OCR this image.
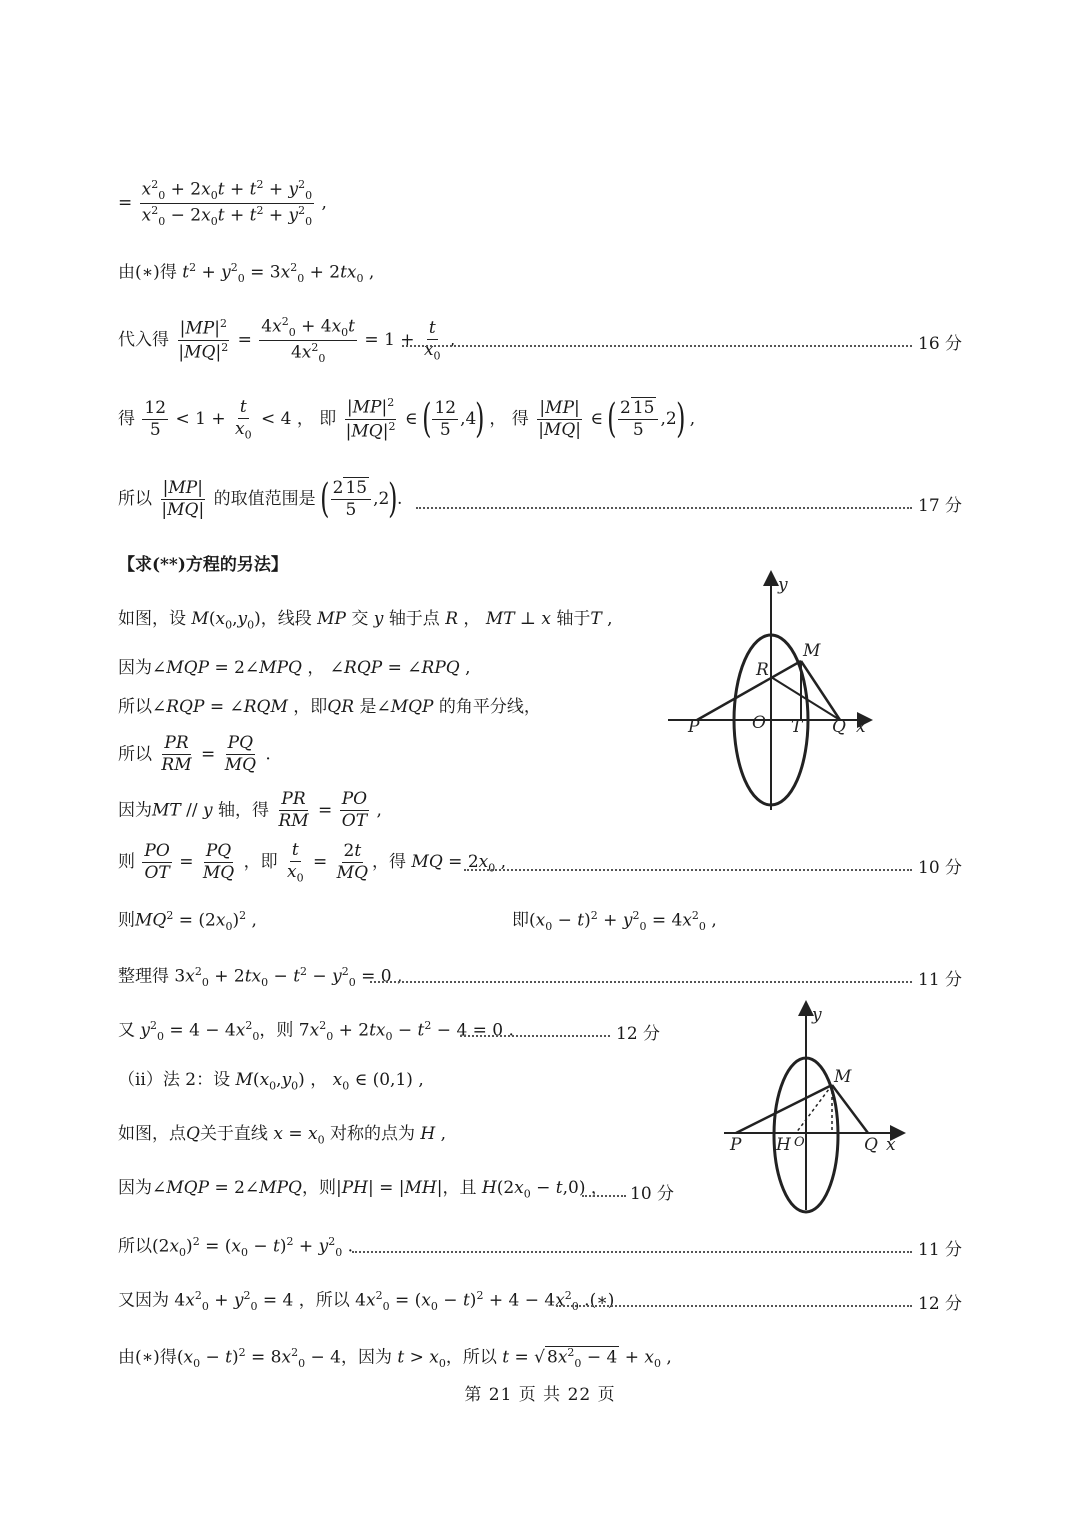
= $\frac{x^2_0 + 2x_0t + t^2 + y^2_0}{x^2_0 - 2x_0t + t^2 + y^2_0}$ ,
由(∗)得 $t^2 + y^2_0 = 3x^2_0 + 2tx_0$ ,
代入得 $\frac{|MP|^2}{|MQ|^2} = \frac{4x^2_0 + 4x_0t}{4x^2_0} = 1 + \frac{t}{x_0}$ ,	16 分
得 $\frac{12}{5} < 1 + \frac{t}{x_0} < 4$ ， 即 $\frac{|MP|^2}{|MQ|^2}$ ∈ ( $\frac{12}{5} ,4$) ， 得 $\frac{|MP|}{|MQ|}$ ∈ ( $\frac{2 15}{5} ,2$) ,
所以 $\frac{|MP|}{|MQ|}$ 的取值范围是 ( $\frac{2 15}{5} ,2$).	17 分
【求(**)方程的另法】
如图，设 $M(x_0,y_0)$，线段 MP 交 y 轴于点 R ， MT ⊥ x 轴于T ,
因为∠MQP = 2∠MPQ ， ∠RQP = ∠RPQ ,
所以∠RQP = ∠RQM ，即QR 是∠MQP 的角平分线，
所以 $\frac{PR}{RM} = \frac{PQ}{MQ}$ .
因为MT // y 轴，得 $\frac{PR}{RM} = \frac{PO}{OT}$ ,
则 $\frac{PO}{OT} = \frac{PQ}{MQ}$ ，即 $\frac{t}{x_0} = \frac{2t}{MQ}$ ，得 MQ = $2x_0$ ,	10 分
则$MQ^2 = (2x_0)^2$ ,	即$(x_0 - t)^2 + y^2_0 = 4x^2_0$ ,
整理得 $3x^2_0 + 2tx_0 - t^2 - y^2_0 = 0$ ,	11 分
又 $y^2_0 = 4 - 4x^2_0$，则 $7x^2_0 + 2tx_0 - t^2 - 4 = 0$ .	12 分
（ii）法 2：设 $M(x_0,y_0)$ ， $x_0$ ∈ (0,1) ,
如图，点Q关于直线 $x = x_0$ 对称的点为 H ,
因为∠MQP = 2∠MPQ，则|PH| = |MH|，且 $H(2x_0 - t,0)$ ， 10 分
所以$(2x_0)^2 = (x_0 - t)^2 + y^2_0$ .	11 分
又因为 $4x^2_0 + y^2_0 = 4$ ，所以 $4x^2_0 = (x_0 - t)^2 + 4 - 4x^2_0$ .(∗)	12 分
由(∗)得$(x_0 - t)^2 = 8x^2_0 - 4$，因为 $t > x_0$，所以 t = √ $8x^2_0 - 4 + x_0$ ,
第 21 页 共 22 页
y
M
R
P	O T Q x
y
M
P H O	Q x
